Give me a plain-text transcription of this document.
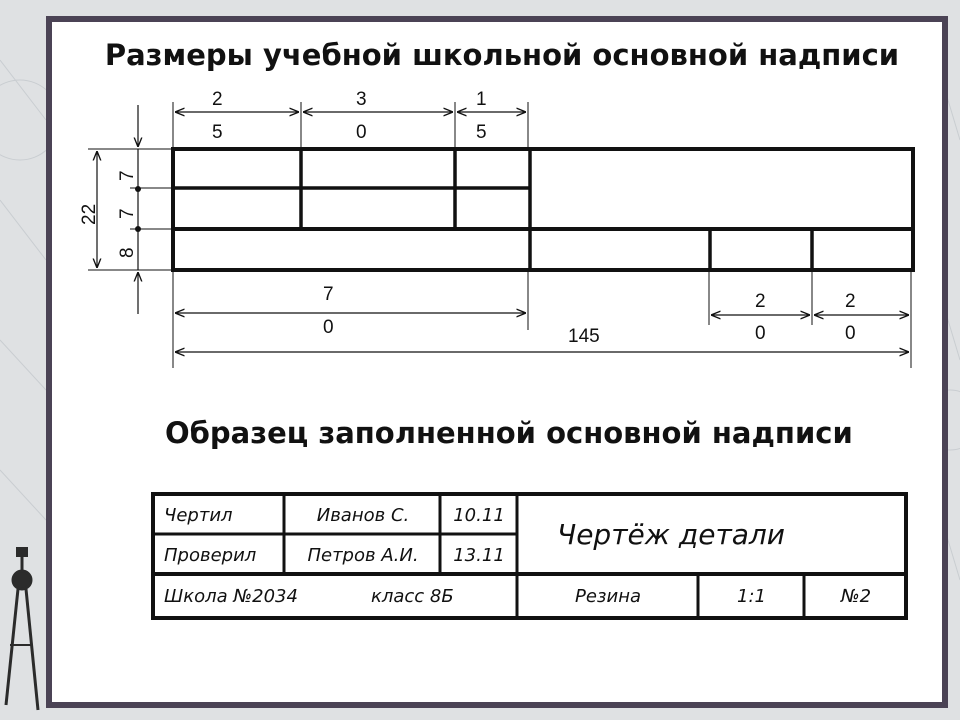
Размеры учебной школьной основной надписи
2
5
3
0
1
5
7
0
2
0
2
0
145
22
7
7
8
Образец заполненной основной надписи
Чертил	Иванов С.	10.11
Проверил	Петров А.И.	13.11
Чертёж детали
Школа №2034	класс 8Б	Резина	1:1	№2
